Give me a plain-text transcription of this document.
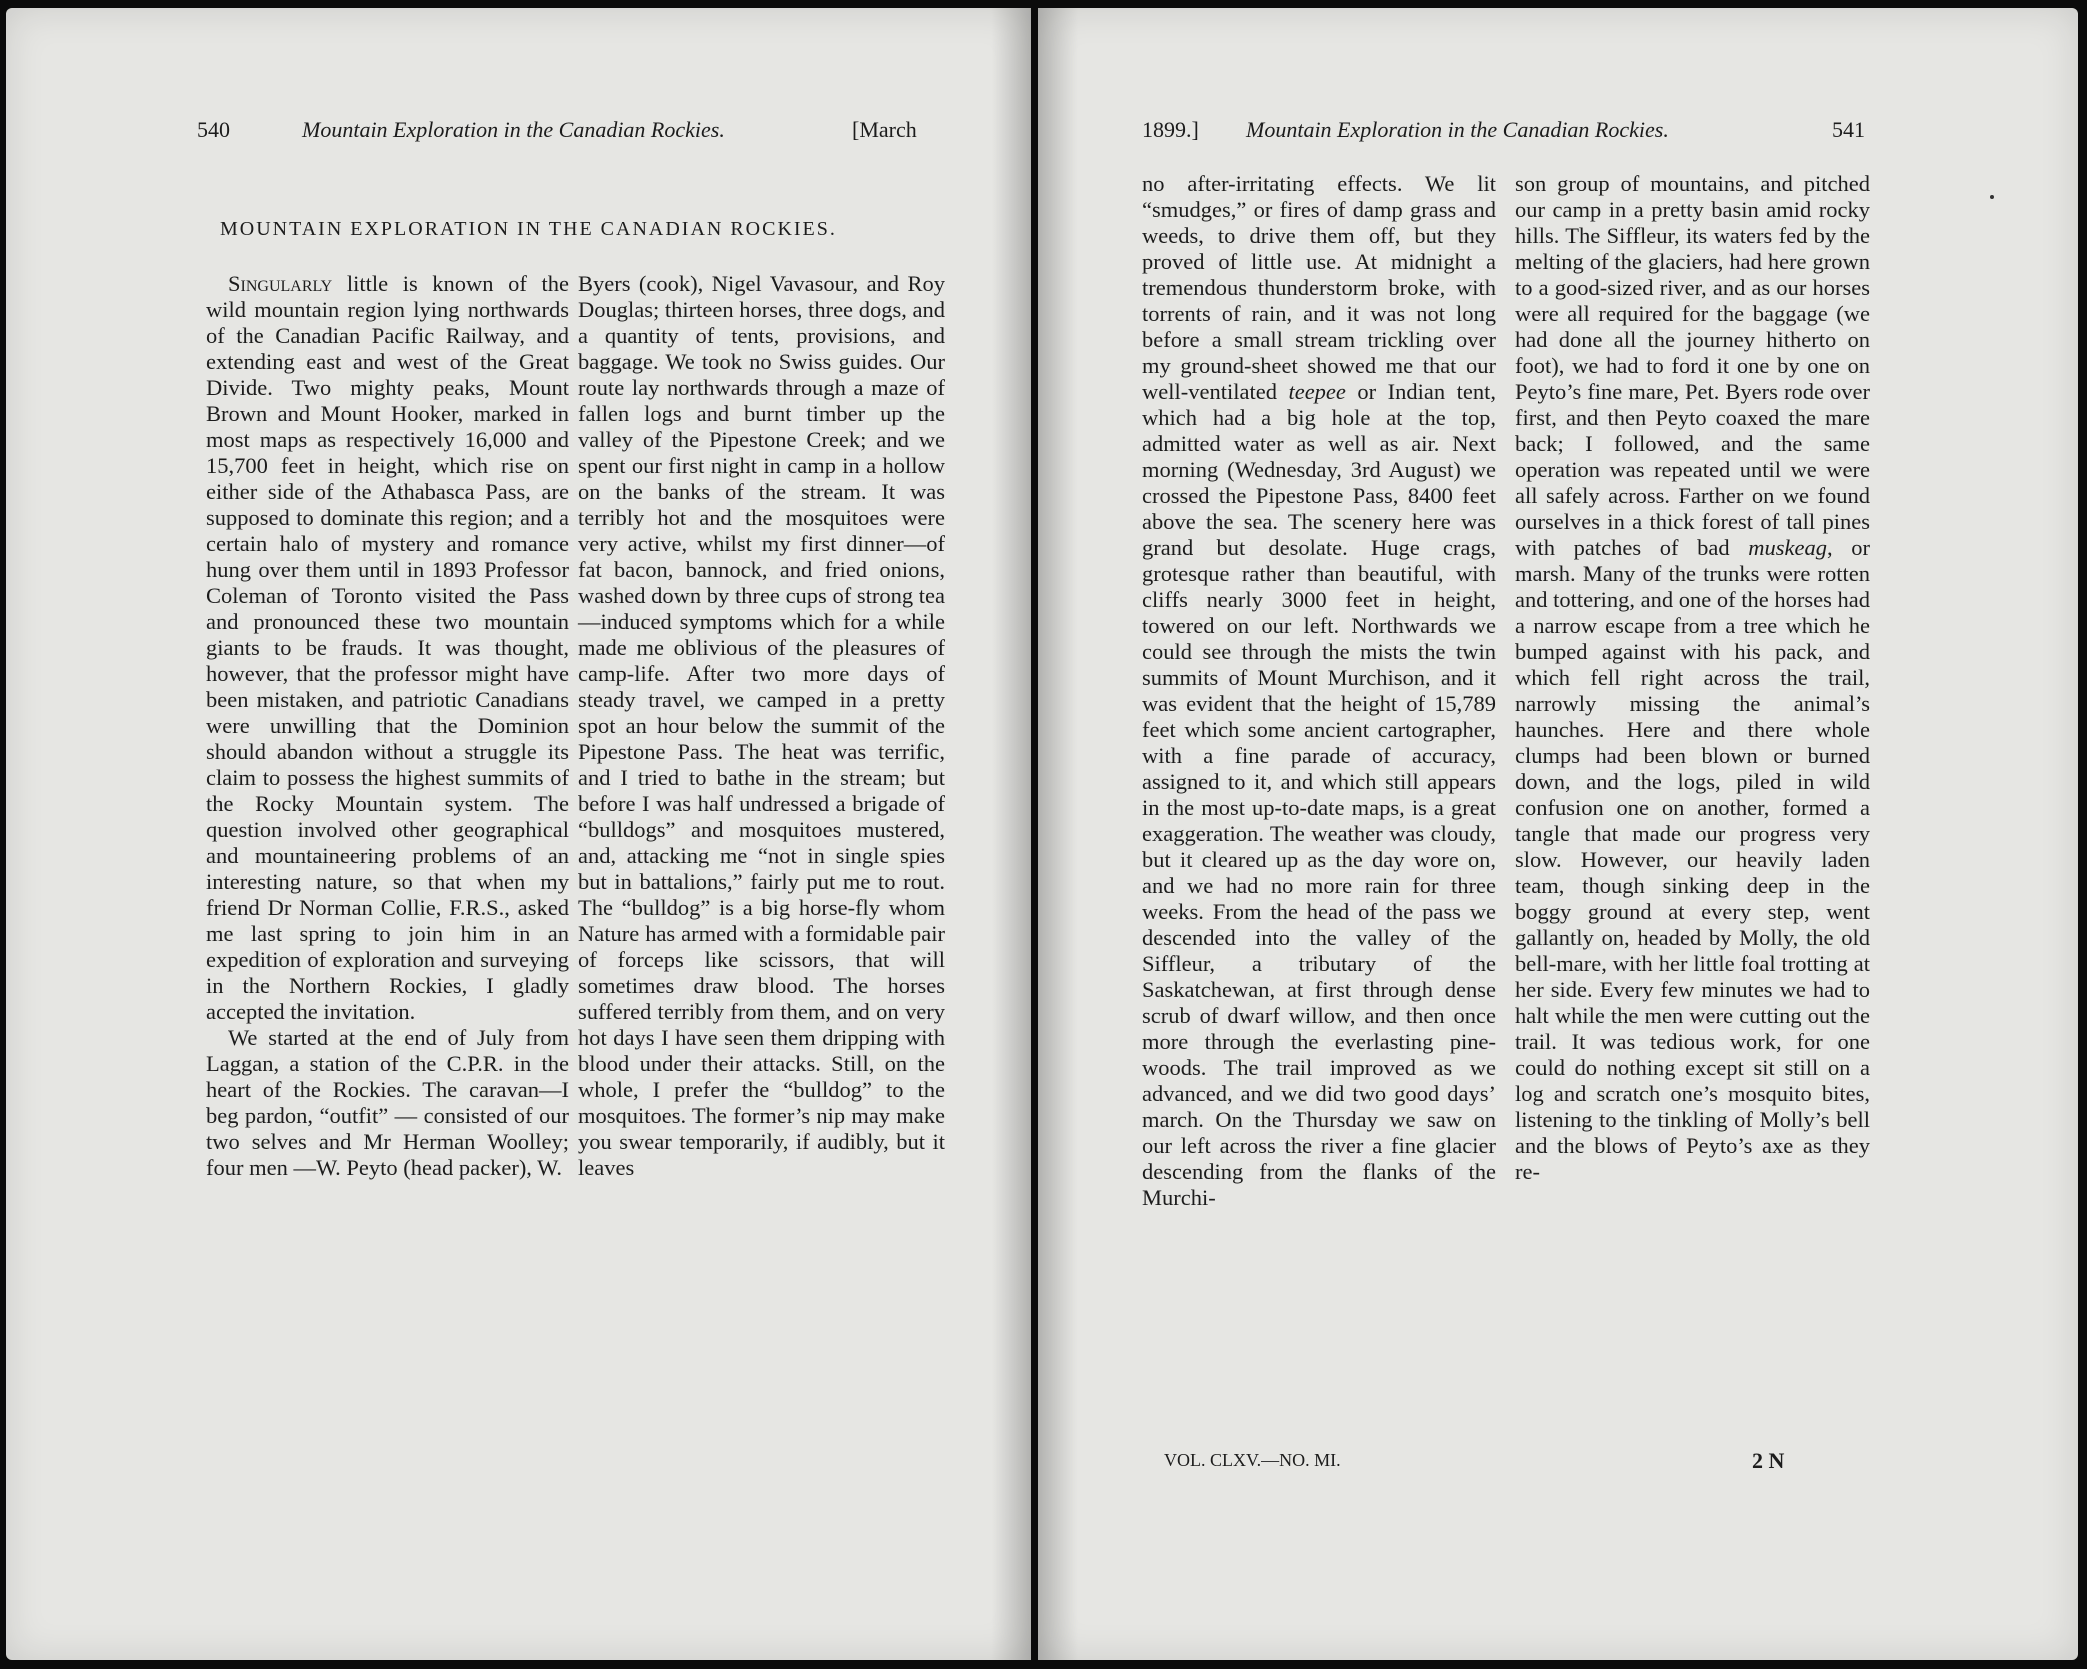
540	Mountain Exploration in the Canadian Rockies.	[March
MOUNTAIN EXPLORATION IN THE CANADIAN ROCKIES.
1899.] Mountain Exploration in the Canadian Rockies.	541

Singularly little is known of the wild mountain region lying northwards of the Canadian Pacific Railway, and extending east and west of the Great Divide. Two mighty peaks, Mount Brown and Mount Hooker, marked in most maps as respectively 16,000 and 15,700 feet in height, which rise on either side of the Athabasca Pass, are supposed to dominate this region; and a certain halo of mystery and romance hung over them until in 1893 Professor Coleman of Toronto visited the Pass and pronounced these two mountain giants to be frauds. It was thought, however, that the professor might have been mistaken, and patriotic Canadians were unwilling that the Dominion should abandon without a struggle its claim to possess the highest summits of the Rocky Mountain system. The question involved other geographical and mountaineering problems of an interesting nature, so that when my friend Dr Norman Collie, F.R.S., asked me last spring to join him in an expedition of exploration and surveying in the Northern Rockies, I gladly accepted the invitation.

We started at the end of July from Laggan, a station of the C.P.R. in the heart of the Rockies. The caravan—I beg pardon, “outfit” — consisted of our two selves and Mr Herman Woolley; four men —W. Peyto (head packer), W.

Byers (cook), Nigel Vavasour, and Roy Douglas; thirteen horses, three dogs, and a quantity of tents, provisions, and baggage. We took no Swiss guides. Our route lay northwards through a maze of fallen logs and burnt timber up the valley of the Pipestone Creek; and we spent our first night in camp in a hollow on the banks of the stream. It was terribly hot and the mosquitoes were very active, whilst my first dinner—of fat bacon, bannock, and fried onions, washed down by three cups of strong tea—induced symptoms which for a while made me oblivious of the pleasures of camp-life. After two more days of steady travel, we camped in a pretty spot an hour below the summit of the Pipestone Pass. The heat was terrific, and I tried to bathe in the stream; but before I was half undressed a brigade of “bulldogs” and mosquitoes mustered, and, attacking me “not in single spies but in battalions,” fairly put me to rout. The “bulldog” is a big horse-fly whom Nature has armed with a formidable pair of forceps like scissors, that will sometimes draw blood. The horses suffered terribly from them, and on very hot days I have seen them dripping with blood under their attacks. Still, on the whole, I prefer the “bulldog” to the mosquitoes. The former’s nip may make you swear temporarily, if audibly, but it leaves

no after-irritating effects. We lit “smudges,” or fires of damp grass and weeds, to drive them off, but they proved of little use. At midnight a tremendous thunderstorm broke, with torrents of rain, and it was not long before a small stream trickling over my ground-sheet showed me that our well-ventilated teepee or Indian tent, which had a big hole at the top, admitted water as well as air. Next morning (Wednesday, 3rd August) we crossed the Pipestone Pass, 8400 feet above the sea. The scenery here was grand but desolate. Huge crags, grotesque rather than beautiful, with cliffs nearly 3000 feet in height, towered on our left. Northwards we could see through the mists the twin summits of Mount Murchison, and it was evident that the height of 15,789 feet which some ancient cartographer, with a fine parade of accuracy, assigned to it, and which still appears in the most up-to-date maps, is a great exaggeration. The weather was cloudy, but it cleared up as the day wore on, and we had no more rain for three weeks. From the head of the pass we descended into the valley of the Siffleur, a tributary of the Saskatchewan, at first through dense scrub of dwarf willow, and then once more through the everlasting pine-woods. The trail improved as we advanced, and we did two good days’ march. On the Thursday we saw on our left across the river a fine glacier descending from the flanks of the Murchi-

son group of mountains, and pitched our camp in a pretty basin amid rocky hills. The Siffleur, its waters fed by the melting of the glaciers, had here grown to a good-sized river, and as our horses were all required for the baggage (we had done all the journey hitherto on foot), we had to ford it one by one on Peyto’s fine mare, Pet. Byers rode over first, and then Peyto coaxed the mare back; I followed, and the same operation was repeated until we were all safely across. Farther on we found ourselves in a thick forest of tall pines with patches of bad muskeag, or marsh. Many of the trunks were rotten and tottering, and one of the horses had a narrow escape from a tree which he bumped against with his pack, and which fell right across the trail, narrowly missing the animal’s haunches. Here and there whole clumps had been blown or burned down, and the logs, piled in wild confusion one on another, formed a tangle that made our progress very slow. However, our heavily laden team, though sinking deep in the boggy ground at every step, went gallantly on, headed by Molly, the old bell-mare, with her little foal trotting at her side. Every few minutes we had to halt while the men were cutting out the trail. It was tedious work, for one could do nothing except sit still on a log and scratch one’s mosquito bites, listening to the tinkling of Molly’s bell and the blows of Peyto’s axe as they re-

VOL. CLXV.—NO. MI.	2 N
